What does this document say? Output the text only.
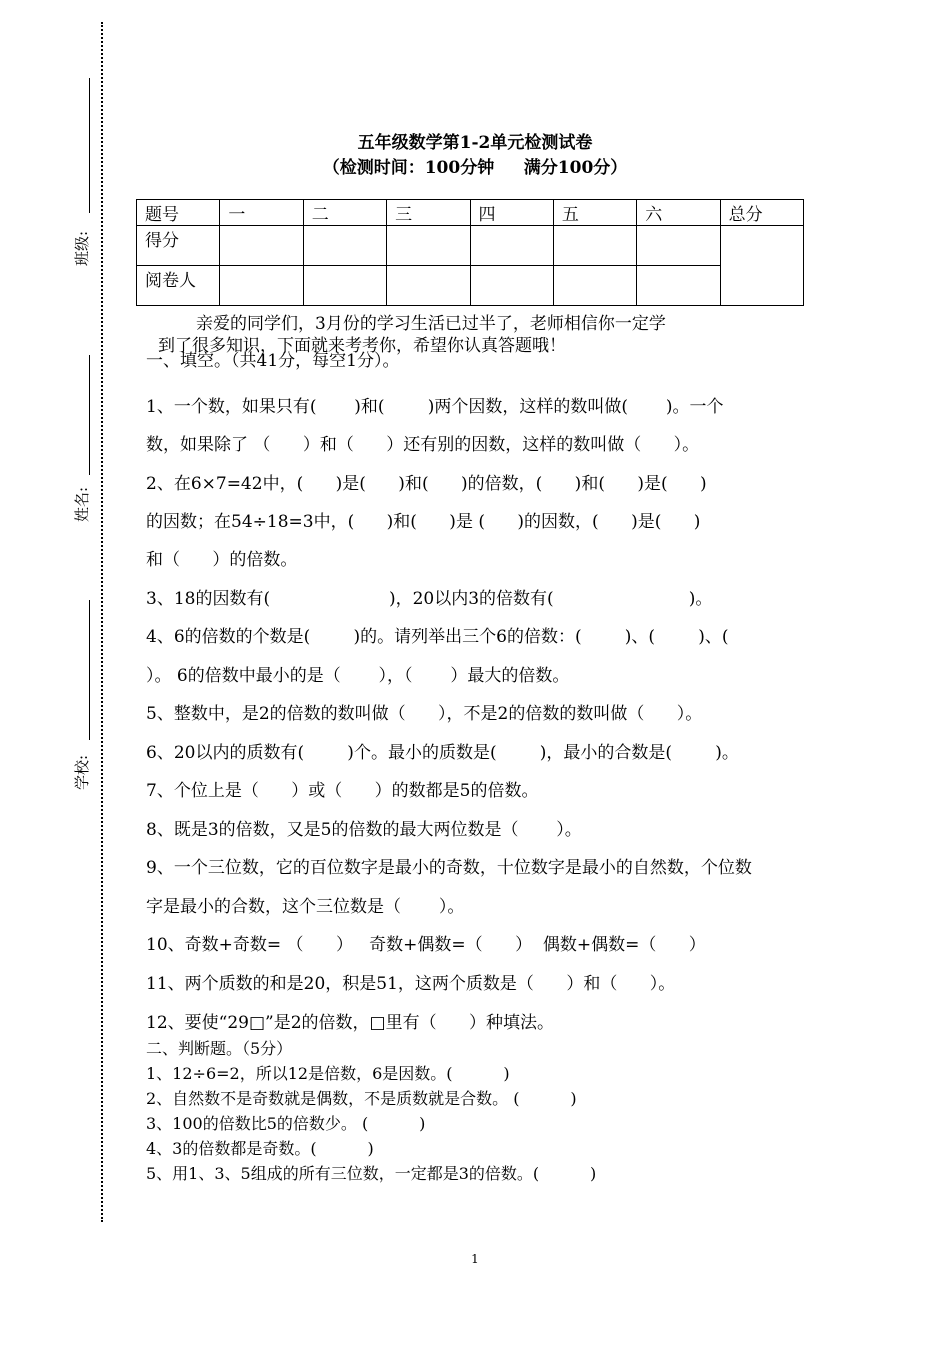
班级:
姓名:
学校:
五年级数学第1-2单元检测试卷
（检测时间：100分钟     满分100分）
题号	一	二	三	四	五	六	总分
得分							
阅卷人							
亲爱的同学们，3月份的学习生活已过半了，老师相信你一定学
到了很多知识，下面就来考考你，希望你认真答题哦！
一、填空。（共41分，每空1分）。
1、一个数，如果只有(       )和(        )两个因数，这样的数叫做(       )。一个
数，如果除了 （      ）和（      ）还有别的因数，这样的数叫做（      ）。
2、在6×7=42中，(      )是(      )和(      )的倍数，(      )和(      )是(      )
的因数；在54÷18=3中，(      )和(      )是 (      )的因数，(      )是(      )
和（      ）的倍数。
3、18的因数有(                      )，20以内3的倍数有(                         )。
4、6的倍数的个数是(        )的。请列举出三个6的倍数：(        )、(        )、(
）。 6的倍数中最小的是（       ），（       ）最大的倍数。
5、整数中，是2的倍数的数叫做（      ），不是2的倍数的数叫做（      ）。
6、20以内的质数有(        )个。最小的质数是(        )，最小的合数是(        )。
7、个位上是（      ）或（      ）的数都是5的倍数。
8、既是3的倍数，又是5的倍数的最大两位数是（       ）。
9、一个三位数，它的百位数字是最小的奇数，十位数字是最小的自然数，个位数
字是最小的合数，这个三位数是（       ）。
10、奇数+奇数= （      ）   奇数+偶数=（      ）  偶数+偶数=（      ）
11、两个质数的和是20，积是51，这两个质数是（      ）和（      ）。
12、要使“29□”是2的倍数，□里有（      ）种填法。
二、判断题。（5分）
1、12÷6=2，所以12是倍数，6是因数。(          )
2、自然数不是奇数就是偶数，不是质数就是合数。 (          )
3、100的倍数比5的倍数少。 (          )
4、3的倍数都是奇数。(          )
5、用1、3、5组成的所有三位数，一定都是3的倍数。(          )
1
